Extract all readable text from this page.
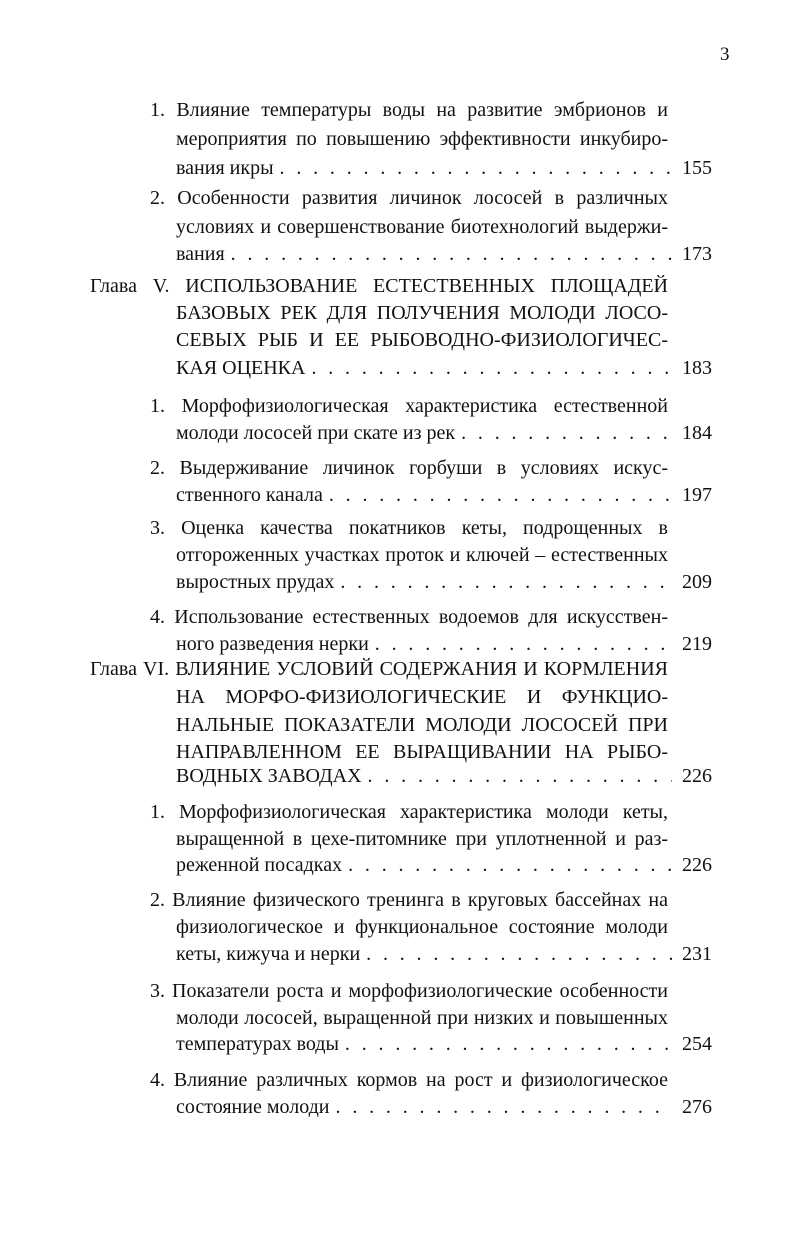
3
1. Влияние температуры воды на развитие эмбрионов и
мероприятия по повышению эффективности инкубиро-
вания икры . . .	155
2. Особенности развития личинок лососей в различных
условиях и совершенствование биотехнологий выдержи-
вания . . .	173
Глава V. ИСПОЛЬЗОВАНИЕ ЕСТЕСТВЕННЫХ ПЛОЩАДЕЙ
БАЗОВЫХ РЕК ДЛЯ ПОЛУЧЕНИЯ МОЛОДИ ЛОСО-
СЕВЫХ РЫБ И ЕЕ РЫБОВОДНО-ФИЗИОЛОГИЧЕС-
КАЯ ОЦЕНКА . . .	183
1. Морфофизиологическая характеристика естественной
молоди лососей при скате из рек . . .	184
2. Выдерживание личинок горбуши в условиях искус-
ственного канала . . .	197
3. Оценка качества покатников кеты, подрощенных в
отгороженных участках проток и ключей – естественных
выростных прудах . . .	209
4. Использование естественных водоемов для искусствен-
ного разведения нерки . . .	219
Глава VI. ВЛИЯНИЕ УСЛОВИЙ СОДЕРЖАНИЯ И КОРМЛЕНИЯ
НА МОРФО-ФИЗИОЛОГИЧЕСКИЕ И ФУНКЦИО-
НАЛЬНЫЕ ПОКАЗАТЕЛИ МОЛОДИ ЛОСОСЕЙ ПРИ
НАПРАВЛЕННОМ ЕЕ ВЫРАЩИВАНИИ НА РЫБО-
ВОДНЫХ ЗАВОДАХ . . .	226
1. Морфофизиологическая характеристика молоди кеты,
выращенной в цехе-питомнике при уплотненной и раз-
реженной посадках . . .	226
2. Влияние физического тренинга в круговых бассейнах на
физиологическое и функциональное состояние молоди
кеты, кижуча и нерки . . .	231
3. Показатели роста и морфофизиологические особенности
молоди лососей, выращенной при низких и повышенных
температурах воды . . .	254
4. Влияние различных кормов на рост и физиологическое
состояние молоди . . .	276
